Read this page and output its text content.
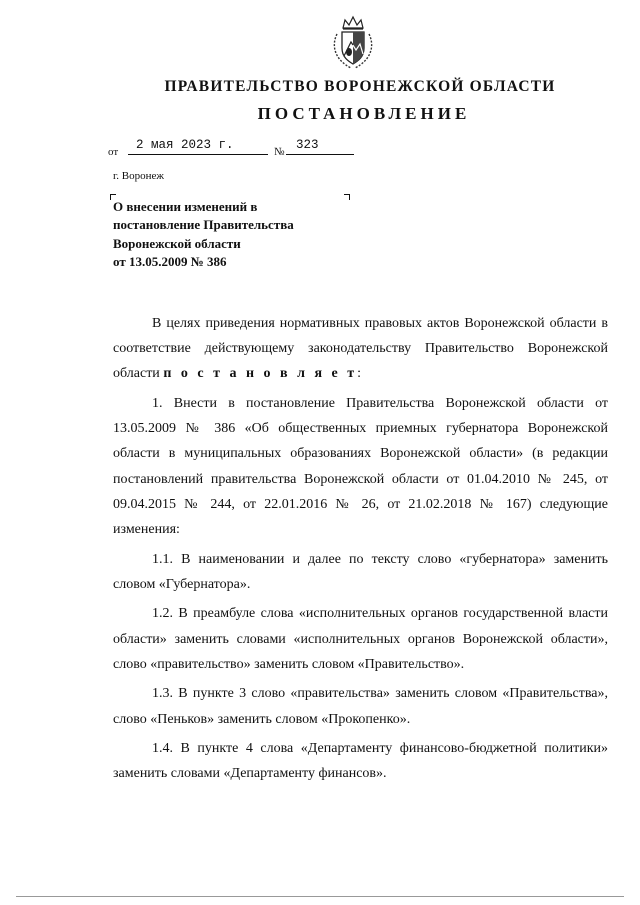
ПРАВИТЕЛЬСТВО ВОРОНЕЖСКОЙ ОБЛАСТИ
ПОСТАНОВЛЕНИЕ
от	2 мая 2023 г.	№ 323
г. Воронеж
О внесении изменений в
постановление Правительства
Воронежской области
от 13.05.2009 № 386

В целях приведения нормативных правовых актов Воронежской области в соответствие действующему законодательству Правительство Воронежской области п о с т а н о в л я е т:

1. Внести в постановление Правительства Воронежской области от 13.05.2009 № 386 «Об общественных приемных губернатора Воронежской области в муниципальных образованиях Воронежской области» (в редакции постановлений правительства Воронежской области от 01.04.2010 № 245, от 09.04.2015 № 244, от 22.01.2016 № 26, от 21.02.2018 № 167) следующие изменения:

1.1. В наименовании и далее по тексту слово «губернатора» заменить словом «Губернатора».

1.2. В преамбуле слова «исполнительных органов государственной власти области» заменить словами «исполнительных органов Воронежской области», слово «правительство» заменить словом «Правительство».

1.3. В пункте 3 слово «правительства» заменить словом «Правительства», слово «Пеньков» заменить словом «Прокопенко».

1.4. В пункте 4 слова «Департаменту финансово-бюджетной политики» заменить словами «Департаменту финансов».
